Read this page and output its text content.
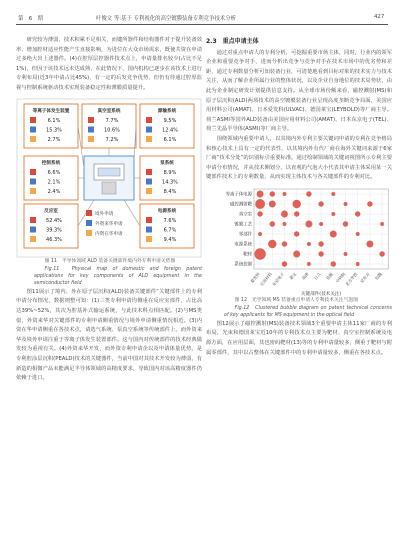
第　6　期	叶俊文 等:基于 专利视化的高空镀膜装备专利竞争技术分析	427

研究较为薄弱，技术积累不足相关，而键所器件和结构器件对于提升装备效率、增加腔材适应性能产生直接影响，为进位在大众市场需求，既使共资在申请过多绝大出上述器件。(4)在腔厚层控器件技术点上，申请量排名较少(占比不足1%)，但因于该技术远未达成熟，在此情况下，国内机构已逐步在该技术上进行专利布局(近3年申请占比45%)，有一定的后发竞争优势，但仍有待通过腔厚监视与控制系统驱动技术实现装备稳定性和薄膜质量提升。

等离子体发生装置
6.1%
15.3%
2.7%
真空室系统
7.7%
10.6%
7.2%
源输系统
9.5%
12.4%
6.1%
控制系统
6.6%
2.1%
2.4%
泵系统
8.9%
14.3%
8.4%
反应室
52.4%
39.3%
46.3%
电源系统
7.6%
6.7%
9.4%
境外申请
外资来华申请
内资在华申请

图 11　半导体领域 ALD 装备关键部件境内外专利申请关势图

Fig.11　Physical map of domestic and foreign patent applications for key components of ALD equipment in the semiconductor field

图11展示了境内、外在原子层沉积(ALD)装备关键部件“关键部件上的专利申请分布情况，数据则整可知：(1)三类专利申请均侧重在反应室部件，占比高达39%~52%，其次为腔基补式输运系统，与此技术科点相匹配。(2)与MS类似，外资来华对关键部件的专利申请侧重情况与境外申请侧重情况相近。(3)内资在华申请侧重在各技术点，请选气系统、泵真空系统等传统部件上，而外资来华及境外申请注重于等离子体发生装置部件。这与国内对传统部件的技术经典做发较为重视有关。(4)外资来华开发，而外资专利申请企以及申请体量优势，是专利腔涂层沉积(PEALD)技术的关键器件，当前中国对其技术开发较为薄弱，有新造的相微产品未能满足半导体领域的高精度要求，导致国内对该高精度器件仍依赖于进口。

2.3　重点申请主体

通过对重点申请人的专利分析，可挖掘重要市场主体，同时，行业内的领军企业和重要竞争对手，进而分析出竞争与竞争对手在技术市场中的优劣势和差距，通过专利数量分析可知装备行业，可清楚地看到目标对象的技术实力与技术关注，从而了解企业所属行业的整体状况，以及企业自身地位的技术局势状，由此为企业制定研发计划提供信息支持。从全球市场份额来看，磁控溅射(MS)和原子层沉积(ALD)两项技术的高空镀膜装备行业呈现高度垄断竞争局面，美国应用材料公司(AMAT)、日本爱发科(ULVAC)、德国莱宝(LEYBOLD)等厂商主导。荷兰ASMI等国外ALD装备由美国应用材料公司(AMAT)、日本东京电子(TEL)、荷兰先晶半导体(ASMI)等厂商主导。

围绕领域内重要申请人，以其境内外专利主要关键词申请的专利在竞争格局和核心技术上具有一定的代表性，以其境内外有代厂商在海外关键词来源于6家厂商“技术分处”的识别标引重要标准。通过绘制领域的关键词视图所示专利主要申请分布情况，并从技术侧划分，以直观的气泡大小代表其申请主体采用某一关键部件技术上的专利数量，从而实现主体技术与各关键部件的专利对比。

等离子体电源
磁控溅射靶
真空室
镀膜工艺
零部件
电源系统
靶材
系统控制
爱发科
应用材料
东京电子 莱宝 岛津 日立 佳能 中科院
北方华创 京东方 信越
关键部件(技术关注)

图 12　光学领域 MS 装备重点申请人专利技术关注气泡图

Fig.12　Clustered bubble diagram on patent technical concerns of key applicants for MS equipment in the optical field

图12展示了磁控溅射(MS)装备技术领域3个重要申请主体11家厂商的专利布局，光束和德国莱宝近10年的专利技术点主要为靶材、真空室控制系统及电源方面，在应用层面，其也密码靶材(13)等的专利申请量较多，侧重于靶材与附属零部件，其中以占整体在关键部件中的专利申请量较多，侧重在各技术点。
